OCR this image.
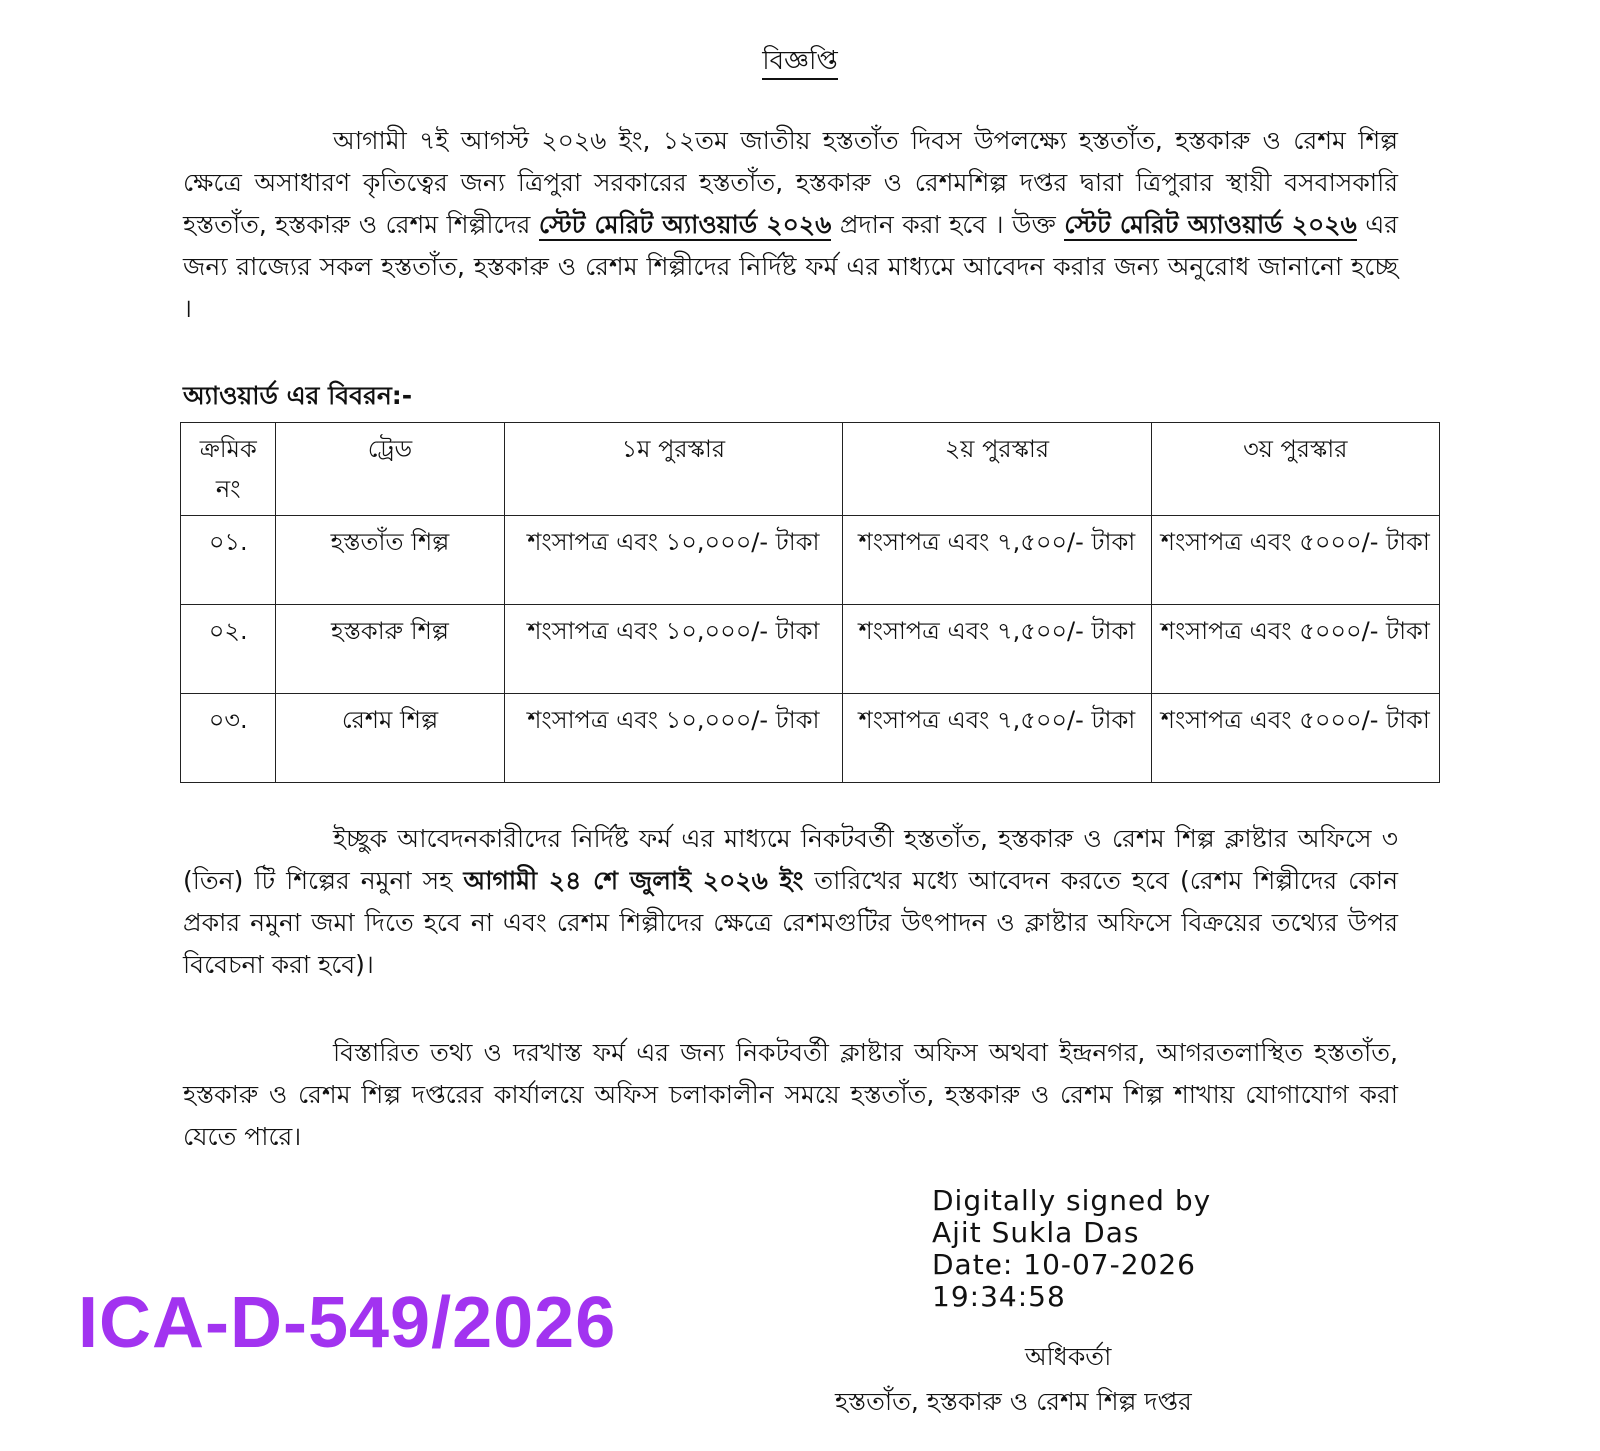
বিজ্ঞপ্তি
আগামী ৭ই আগস্ট ২০২৬ ইং, ১২তম জাতীয় হস্ততাঁত দিবস উপলক্ষ্যে হস্ততাঁত, হস্তকারু ও রেশম শিল্প ক্ষেত্রে অসাধারণ কৃতিত্বের জন্য ত্রিপুরা সরকারের হস্ততাঁত, হস্তকারু ও রেশমশিল্প দপ্তর দ্বারা ত্রিপুরার স্থায়ী বসবাসকারি হস্ততাঁত, হস্তকারু ও রেশম শিল্পীদের স্টেট মেরিট অ্যাওয়ার্ড ২০২৬ প্রদান করা হবে । উক্ত স্টেট মেরিট অ্যাওয়ার্ড ২০২৬ এর জন্য রাজ্যের সকল হস্ততাঁত, হস্তকারু ও রেশম শিল্পীদের নির্দিষ্ট ফর্ম এর মাধ্যমে আবেদন করার জন্য অনুরোধ জানানো হচ্ছে ।
অ্যাওয়ার্ড এর বিবরন:-
ক্রমিক নং	ট্রেড	১ম পুরস্কার	২য় পুরস্কার	৩য় পুরস্কার
০১.	হস্ততাঁত শিল্প	শংসাপত্র এবং ১০,০০০/- টাকা	শংসাপত্র এবং ৭,৫০০/- টাকা	শংসাপত্র এবং ৫০০০/- টাকা
০২.	হস্তকারু শিল্প	শংসাপত্র এবং ১০,০০০/- টাকা	শংসাপত্র এবং ৭,৫০০/- টাকা	শংসাপত্র এবং ৫০০০/- টাকা
০৩.	রেশম শিল্প	শংসাপত্র এবং ১০,০০০/- টাকা	শংসাপত্র এবং ৭,৫০০/- টাকা	শংসাপত্র এবং ৫০০০/- টাকা
ইচ্ছুক আবেদনকারীদের নির্দিষ্ট ফর্ম এর মাধ্যমে নিকটবর্তী হস্ততাঁত, হস্তকারু ও রেশম শিল্প ক্লাষ্টার অফিসে ৩ (তিন) টি শিল্পের নমুনা সহ আগামী ২৪ শে জুলাই ২০২৬ ইং তারিখের মধ্যে আবেদন করতে হবে (রেশম শিল্পীদের কোন প্রকার নমুনা জমা দিতে হবে না এবং রেশম শিল্পীদের ক্ষেত্রে রেশমগুটির উৎপাদন ও ক্লাষ্টার অফিসে বিক্রয়ের তথ্যের উপর বিবেচনা করা হবে)।
বিস্তারিত তথ্য ও দরখাস্ত ফর্ম এর জন্য নিকটবর্তী ক্লাষ্টার অফিস অথবা ইন্দ্রনগর, আগরতলাস্থিত হস্ততাঁত, হস্তকারু ও রেশম শিল্প দপ্তরের কার্যালয়ে অফিস চলাকালীন সময়ে হস্ততাঁত, হস্তকারু ও রেশম শিল্প শাখায় যোগাযোগ করা যেতে পারে।
Digitally signed by
Ajit Sukla Das
Date: 10-07-2026
19:34:58
ICA-D-549/2026	অধিকর্তা
হস্ততাঁত, হস্তকারু ও রেশম শিল্প দপ্তর
